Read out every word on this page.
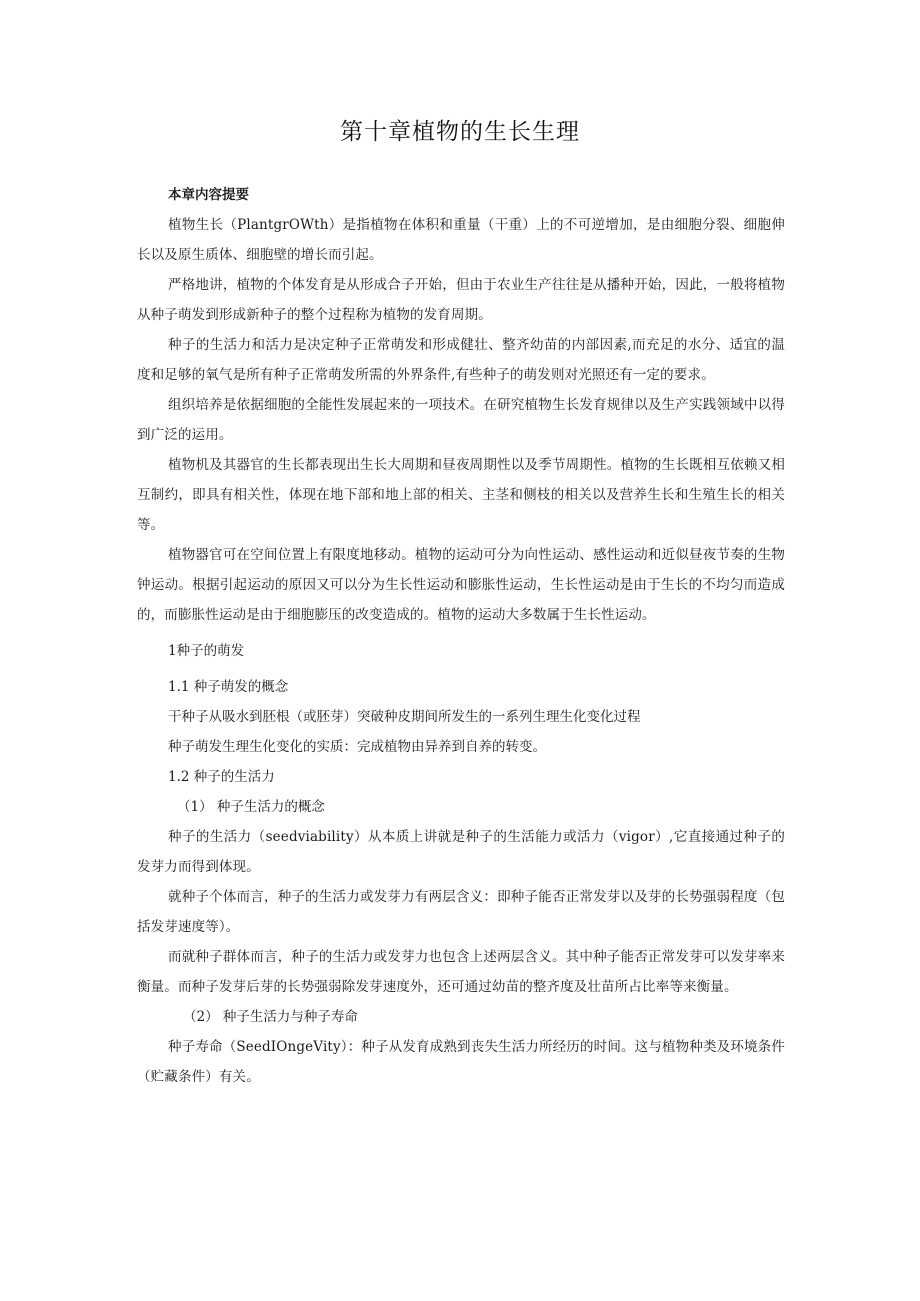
第十章植物的生长生理

本章内容提要

植物生长（PlantgrOWth）是指植物在体积和重量（干重）上的不可逆增加，是由细胞分裂、细胞伸长以及原生质体、细胞壁的增长而引起。

严格地讲，植物的个体发育是从形成合子开始，但由于农业生产往往是从播种开始，因此，一般将植物从种子萌发到形成新种子的整个过程称为植物的发育周期。

种子的生活力和活力是决定种子正常萌发和形成健壮、整齐幼苗的内部因素,而充足的水分、适宜的温度和足够的氧气是所有种子正常萌发所需的外界条件,有些种子的萌发则对光照还有一定的要求。

组织培养是依据细胞的全能性发展起来的一项技术。在研究植物生长发育规律以及生产实践领域中以得到广泛的运用。

植物机及其器官的生长都表现出生长大周期和昼夜周期性以及季节周期性。植物的生长既相互依赖又相互制约，即具有相关性，体现在地下部和地上部的相关、主茎和侧枝的相关以及营养生长和生殖生长的相关等。

植物器官可在空间位置上有限度地移动。植物的运动可分为向性运动、感性运动和近似昼夜节奏的生物钟运动。根据引起运动的原因又可以分为生长性运动和膨胀性运动，生长性运动是由于生长的不均匀而造成的，而膨胀性运动是由于细胞膨压的改变造成的。植物的运动大多数属于生长性运动。

1种子的萌发

1.1 种子萌发的概念

干种子从吸水到胚根（或胚芽）突破种皮期间所发生的一系列生理生化变化过程

种子萌发生理生化变化的实质：完成植物由异养到自养的转变。

1.2 种子的生活力

（1） 种子生活力的概念

种子的生活力（seedviability）从本质上讲就是种子的生活能力或活力（vigor）,它直接通过种子的发芽力而得到体现。

就种子个体而言，种子的生活力或发芽力有两层含义：即种子能否正常发芽以及芽的长势强弱程度（包括发芽速度等）。

而就种子群体而言，种子的生活力或发芽力也包含上述两层含义。其中种子能否正常发芽可以发芽率来衡量。而种子发芽后芽的长势强弱除发芽速度外，还可通过幼苗的整齐度及壮苗所占比率等来衡量。

（2） 种子生活力与种子寿命

种子寿命（SeedIOngeVity）：种子从发育成熟到丧失生活力所经历的时间。这与植物种类及环境条件（贮藏条件）有关。
